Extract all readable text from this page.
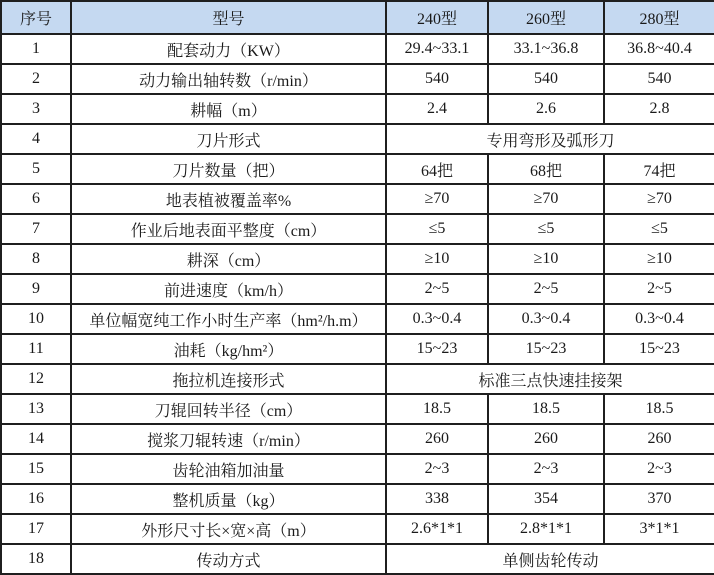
序号	型号	240型	260型	280型
1	配套动力（KW）	29.4~33.1	33.1~36.8	36.8~40.4
2	动力输出轴转数（r/min）	540	540	540
3	耕幅（m）	2.4	2.6	2.8
4	刀片形式	专用弯形及弧形刀		
5	刀片数量（把）	64把	68把	74把
6	地表植被覆盖率%	≥70	≥70	≥70
7	作业后地表面平整度（cm）	≤5	≤5	≤5
8	耕深（cm）	≥10	≥10	≥10
9	前进速度（km/h）	2~5	2~5	2~5
10	单位幅宽纯工作小时生产率（hm²/h.m）	0.3~0.4	0.3~0.4	0.3~0.4
11	油耗（kg/hm²）	15~23	15~23	15~23
12	拖拉机连接形式	标准三点快速挂接架		
13	刀辊回转半径（cm）	18.5	18.5	18.5
14	搅浆刀辊转速（r/min）	260	260	260
15	齿轮油箱加油量	2~3	2~3	2~3
16	整机质量（kg）	338	354	370
17	外形尺寸长×宽×高（m）	2.6*1*1	2.8*1*1	3*1*1
18	传动方式	单侧齿轮传动		
